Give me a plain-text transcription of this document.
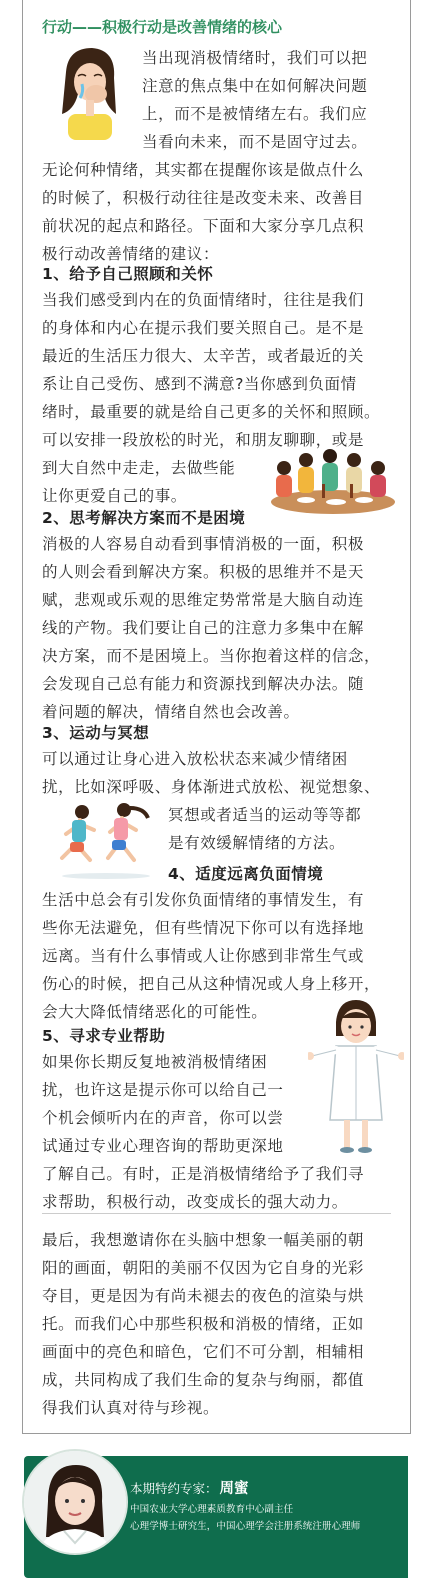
行动——积极行动是改善情绪的核心
当出现消极情绪时，我们可以把
注意的焦点集中在如何解决问题
上，而不是被情绪左右。我们应
当看向未来，而不是固守过去。
无论何种情绪，其实都在提醒你该是做点什么
的时候了，积极行动往往是改变未来、改善目
前状况的起点和路径。下面和大家分享几点积
极行动改善情绪的建议：
1、给予自己照顾和关怀
当我们感受到内在的负面情绪时，往往是我们
的身体和内心在提示我们要关照自己。是不是
最近的生活压力很大、太辛苦，或者最近的关
系让自己受伤、感到不满意?当你感到负面情
绪时，最重要的就是给自己更多的关怀和照顾。
可以安排一段放松的时光，和朋友聊聊，或是
到大自然中走走，去做些能
让你更爱自己的事。
2、思考解决方案而不是困境
消极的人容易自动看到事情消极的一面，积极
的人则会看到解决方案。积极的思维并不是天
赋，悲观或乐观的思维定势常常是大脑自动连
线的产物。我们要让自己的注意力多集中在解
决方案，而不是困境上。当你抱着这样的信念，
会发现自己总有能力和资源找到解决办法。随
着问题的解决，情绪自然也会改善。
3、运动与冥想
可以通过让身心进入放松状态来减少情绪困
扰，比如深呼吸、身体渐进式放松、视觉想象、
冥想或者适当的运动等等都
是有效缓解情绪的方法。
4、适度远离负面情境
生活中总会有引发你负面情绪的事情发生，有
些你无法避免，但有些情况下你可以有选择地
远离。当有什么事情或人让你感到非常生气或
伤心的时候，把自己从这种情况或人身上移开，
会大大降低情绪恶化的可能性。
5、寻求专业帮助
如果你长期反复地被消极情绪困
扰，也许这是提示你可以给自己一
个机会倾听内在的声音，你可以尝
试通过专业心理咨询的帮助更深地
了解自己。有时，正是消极情绪给予了我们寻
求帮助，积极行动，改变成长的强大动力。
最后，我想邀请你在头脑中想象一幅美丽的朝
阳的画面，朝阳的美丽不仅因为它自身的光彩
夺目，更是因为有尚未褪去的夜色的渲染与烘
托。而我们心中那些积极和消极的情绪，正如
画面中的亮色和暗色，它们不可分割，相辅相
成，共同构成了我们生命的复杂与绚丽，都值
得我们认真对待与珍视。
本期特约专家： 周蜜
中国农业大学心理素质教育中心副主任
心理学博士研究生，中国心理学会注册系统注册心理师
